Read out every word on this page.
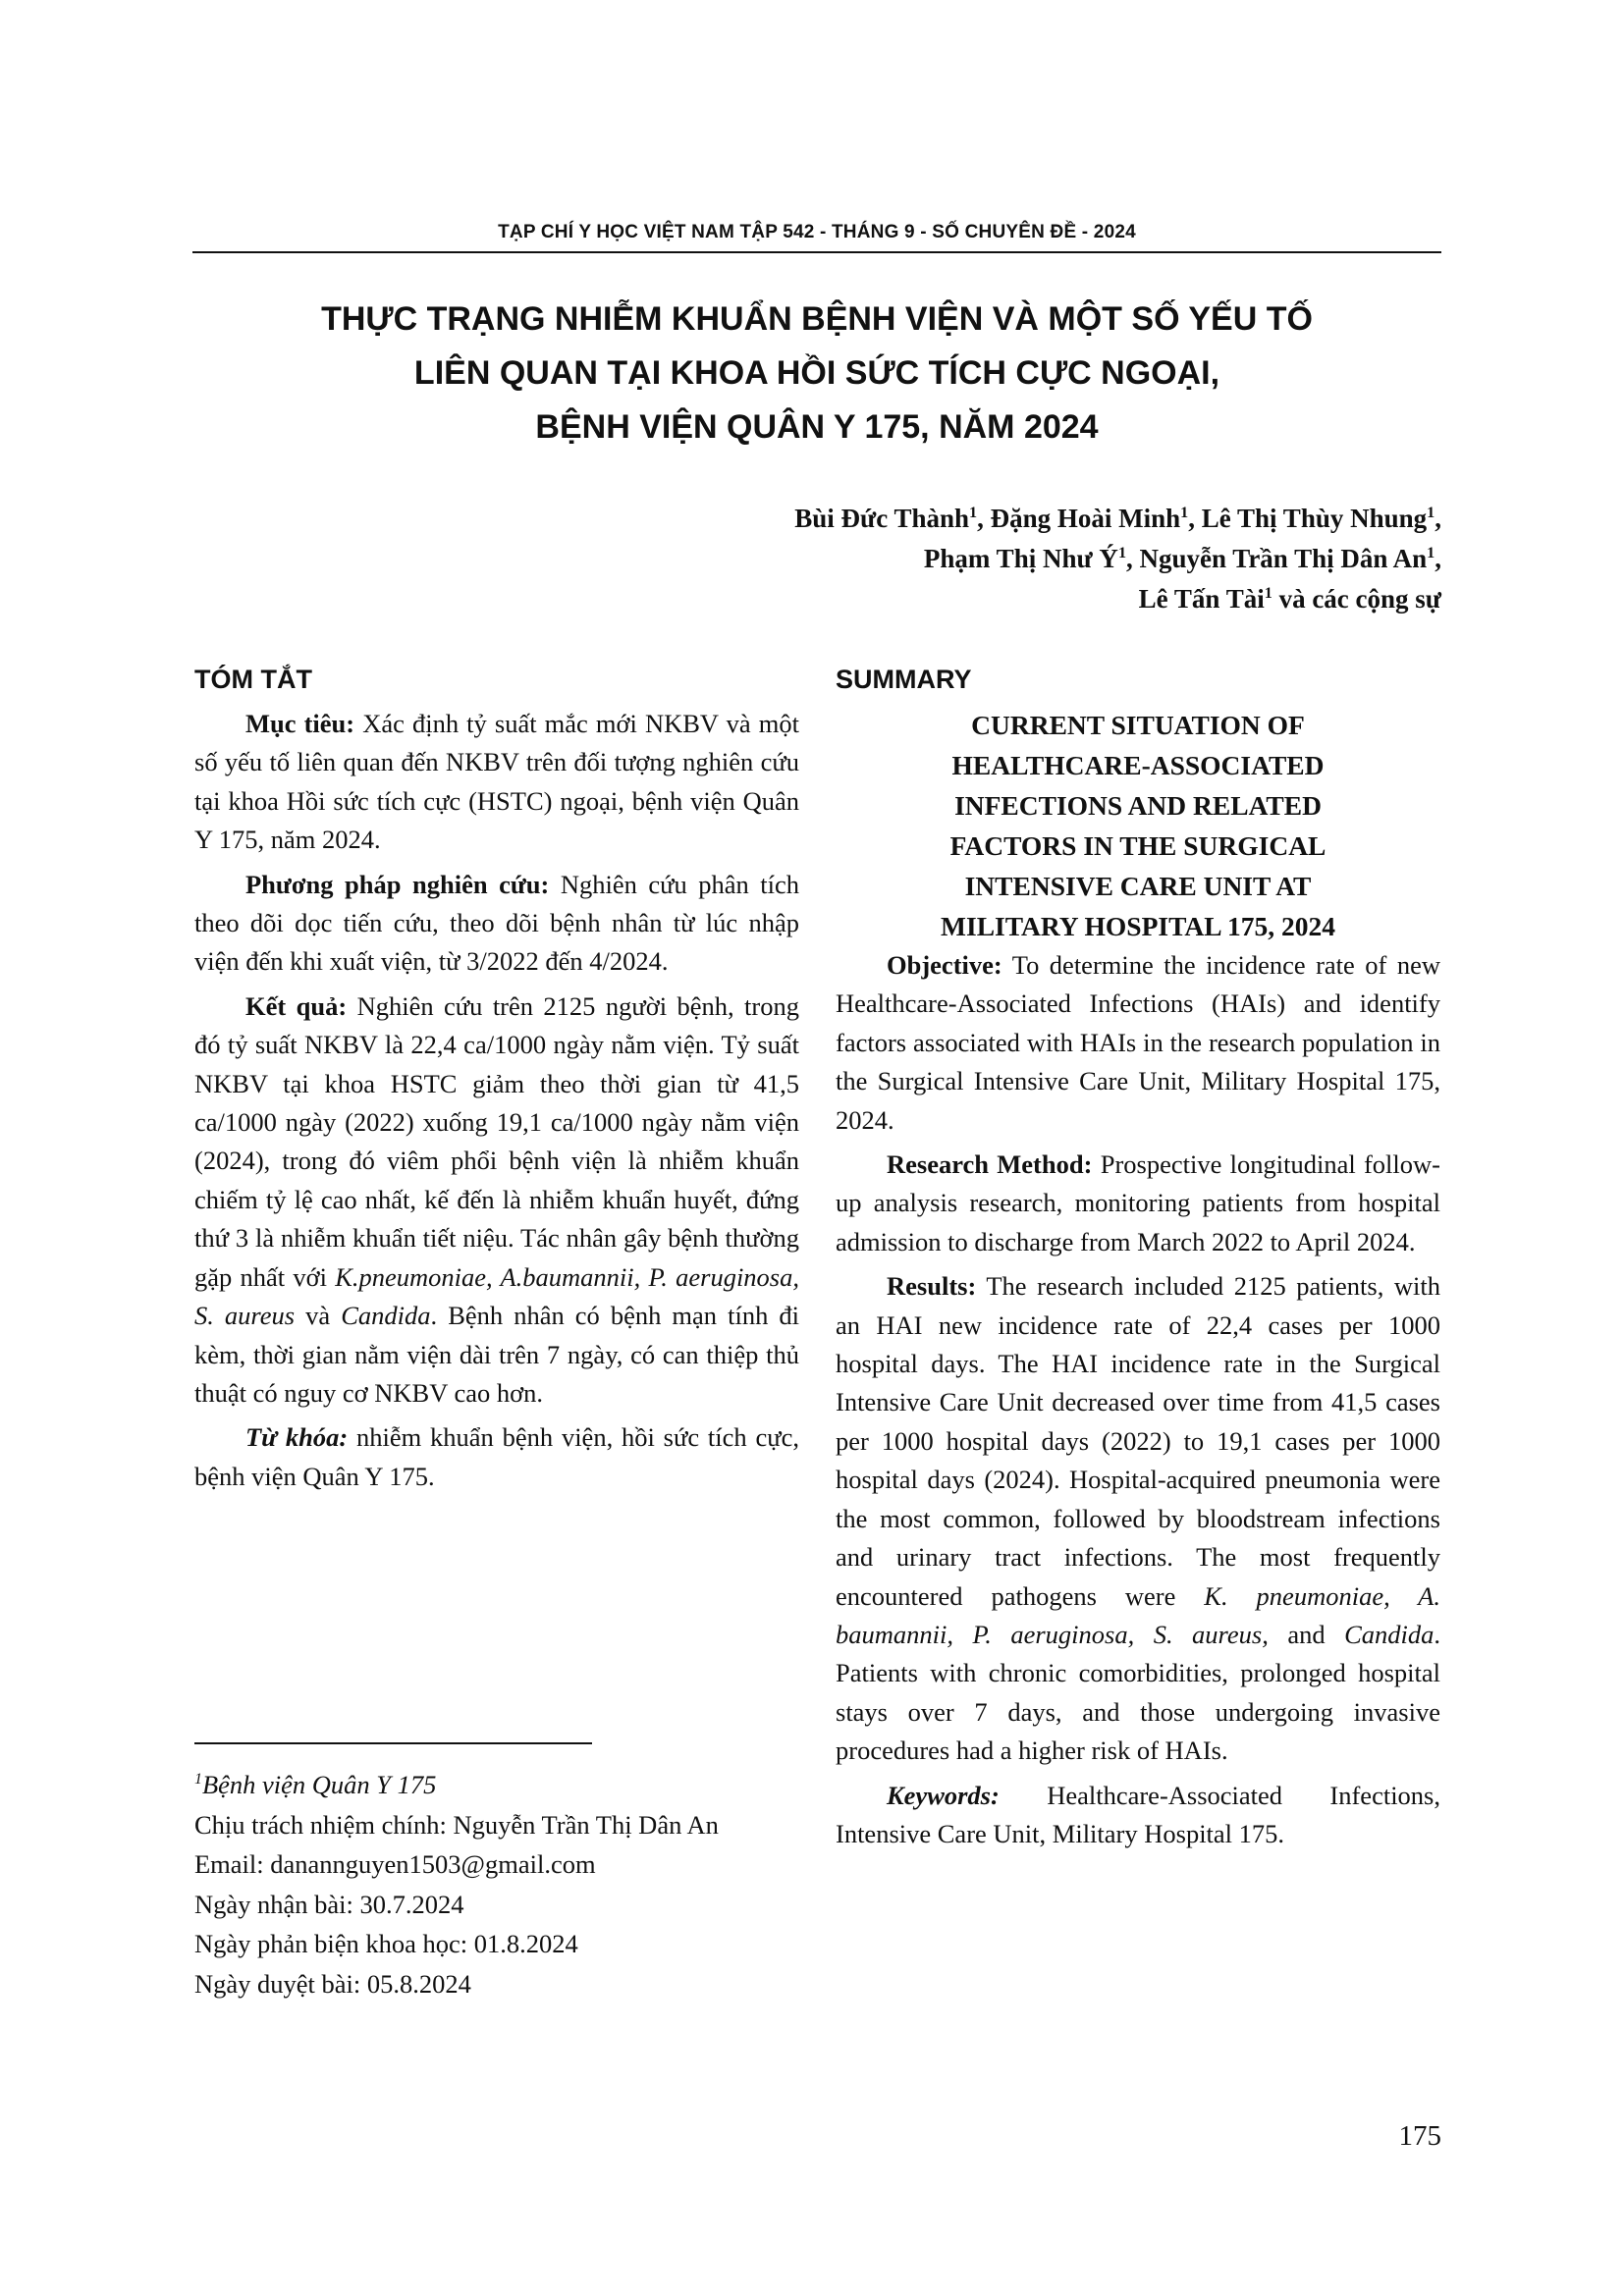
TẠP CHÍ Y HỌC VIỆT NAM TẬP 542 - THÁNG 9 - SỐ CHUYÊN ĐỀ - 2024
THỰC TRẠNG NHIỄM KHUẨN BỆNH VIỆN VÀ MỘT SỐ YẾU TỐ
LIÊN QUAN TẠI KHOA HỒI SỨC TÍCH CỰC NGOẠI,
BỆNH VIỆN QUÂN Y 175, NĂM 2024
Bùi Đức Thành$^1$, Đặng Hoài Minh$^1$, Lê Thị Thùy Nhung$^1$,
Phạm Thị Như $Ý^1$, Nguyễn Trần Thị Dân An$^1$,
Lê Tấn Tài$^1$ và các cộng sự
TÓM TẮT

Mục tiêu: Xác định tỷ suất mắc mới NKBV và một số yếu tố liên quan đến NKBV trên đối tượng nghiên cứu tại khoa Hồi sức tích cực (HSTC) ngoại, bệnh viện Quân Y 175, năm 2024.

Phương pháp nghiên cứu: Nghiên cứu phân tích theo dõi dọc tiến cứu, theo dõi bệnh nhân từ lúc nhập viện đến khi xuất viện, từ 3/2022 đến 4/2024.

Kết quả: Nghiên cứu trên 2125 người bệnh, trong đó tỷ suất NKBV là 22,4 ca/1000 ngày nằm viện. Tỷ suất NKBV tại khoa HSTC giảm theo thời gian từ 41,5 ca/1000 ngày (2022) xuống 19,1 ca/1000 ngày nằm viện (2024), trong đó viêm phổi bệnh viện là nhiễm khuẩn chiếm tỷ lệ cao nhất, kế đến là nhiễm khuẩn huyết, đứng thứ 3 là nhiễm khuẩn tiết niệu. Tác nhân gây bệnh thường gặp nhất với K.pneumoniae, A.baumannii, P. aeruginosa, S. aureus và Candida. Bệnh nhân có bệnh mạn tính đi kèm, thời gian nằm viện dài trên 7 ngày, có can thiệp thủ thuật có nguy cơ NKBV cao hơn.

Từ khóa: nhiễm khuẩn bệnh viện, hồi sức tích cực, bệnh viện Quân Y 175.

SUMMARY
CURRENT SITUATION OF
HEALTHCARE-ASSOCIATED
INFECTIONS AND RELATED
FACTORS IN THE SURGICAL
INTENSIVE CARE UNIT AT
MILITARY HOSPITAL 175, 2024

Objective: To determine the incidence rate of new Healthcare-Associated Infections (HAIs) and identify factors associated with HAIs in the research population in the Surgical Intensive Care Unit, Military Hospital 175, 2024.

Research Method: Prospective longitudinal follow-up analysis research, monitoring patients from hospital admission to discharge from March 2022 to April 2024.

Results: The research included 2125 patients, with an HAI new incidence rate of 22,4 cases per 1000 hospital days. The HAI incidence rate in the Surgical Intensive Care Unit decreased over time from 41,5 cases per 1000 hospital days (2022) to 19,1 cases per 1000 hospital days (2024). Hospital-acquired pneumonia were the most common, followed by bloodstream infections and urinary tract infections. The most frequently encountered pathogens were K. pneumoniae, A. baumannii, P. aeruginosa, S. aureus, and Candida. Patients with chronic comorbidities, prolonged hospital stays over 7 days, and those undergoing invasive procedures had a higher risk of HAIs.

Keywords: Healthcare-Associated Infections, Intensive Care Unit, Military Hospital 175.

$^1$Bệnh viện Quân Y 175
Chịu trách nhiệm chính: Nguyễn Trần Thị Dân An
Email: danannguyen1503@gmail.com
Ngày nhận bài: 30.7.2024
Ngày phản biện khoa học: 01.8.2024
Ngày duyệt bài: 05.8.2024
175
